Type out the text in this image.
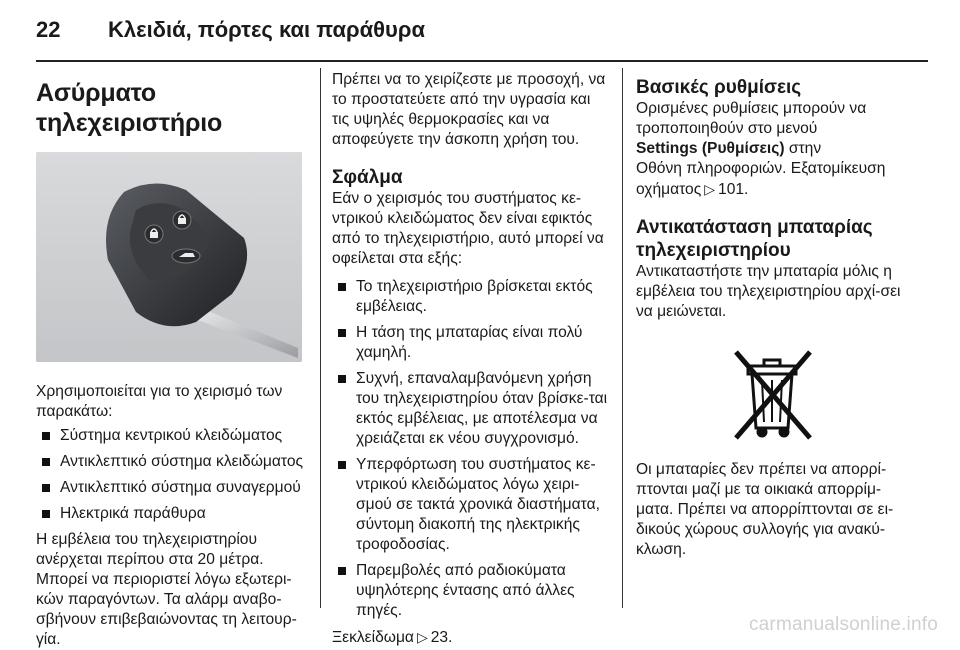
22	Κλειδιά, πόρτες και παράθυρα
Ασύρματο τηλεχειριστήριο

Χρησιμοποιείται για το χειρισμό των παρακάτω:

Σύστημα κεντρικού κλειδώματος
Αντικλεπτικό σύστημα κλειδώματος
Αντικλεπτικό σύστημα συναγερμού
Ηλεκτρικά παράθυρα

Η εμβέλεια του τηλεχειριστηρίου ανέρχεται περίπου στα 20 μέτρα. Μπορεί να περιοριστεί λόγω εξωτερι-κών παραγόντων. Τα αλάρμ αναβο-σβήνουν επιβεβαιώνοντας τη λειτουρ-γία.

Πρέπει να το χειρίζεστε με προσοχή, να το προστατεύετε από την υγρασία και τις υψηλές θερμοκρασίες και να αποφεύγετε την άσκοπη χρήση του.

Σφάλμα

Εάν ο χειρισμός του συστήματος κε-ντρικού κλειδώματος δεν είναι εφικτός από το τηλεχειριστήριο, αυτό μπορεί να οφείλεται στα εξής:

Το τηλεχειριστήριο βρίσκεται εκτός εμβέλειας.
Η τάση της μπαταρίας είναι πολύ χαμηλή.
Συχνή, επαναλαμβανόμενη χρήση του τηλεχειριστηρίου όταν βρίσκε-ται εκτός εμβέλειας, με αποτέλεσμα να χρειάζεται εκ νέου συγχρονισμό.
Υπερφόρτωση του συστήματος κε-ντρικού κλειδώματος λόγω χειρι-σμού σε τακτά χρονικά διαστήματα, σύντομη διακοπή της ηλεκτρικής τροφοδοσίας.
Παρεμβολές από ραδιοκύματα υψηλότερης έντασης από άλλες πηγές.

Ξεκλείδωμα ▷ 23.

Βασικές ρυθμίσεις

Ορισμένες ρυθμίσεις μπορούν να τροποποιηθούν στο μενού
Settings (Ρυθμίσεις) στην
Οθόνη πληροφοριών. Εξατομίκευση οχήματος ▷ 101.

Αντικατάσταση μπαταρίας τηλεχειριστηρίου

Αντικαταστήστε την μπαταρία μόλις η εμβέλεια του τηλεχειριστηρίου αρχί-σει να μειώνεται.

Οι μπαταρίες δεν πρέπει να απορρί-πτονται μαζί με τα οικιακά απορρίμ-ματα. Πρέπει να απορρίπτονται σε ει-δικούς χώρους συλλογής για ανακύ-κλωση.

carmanualsonline.info
